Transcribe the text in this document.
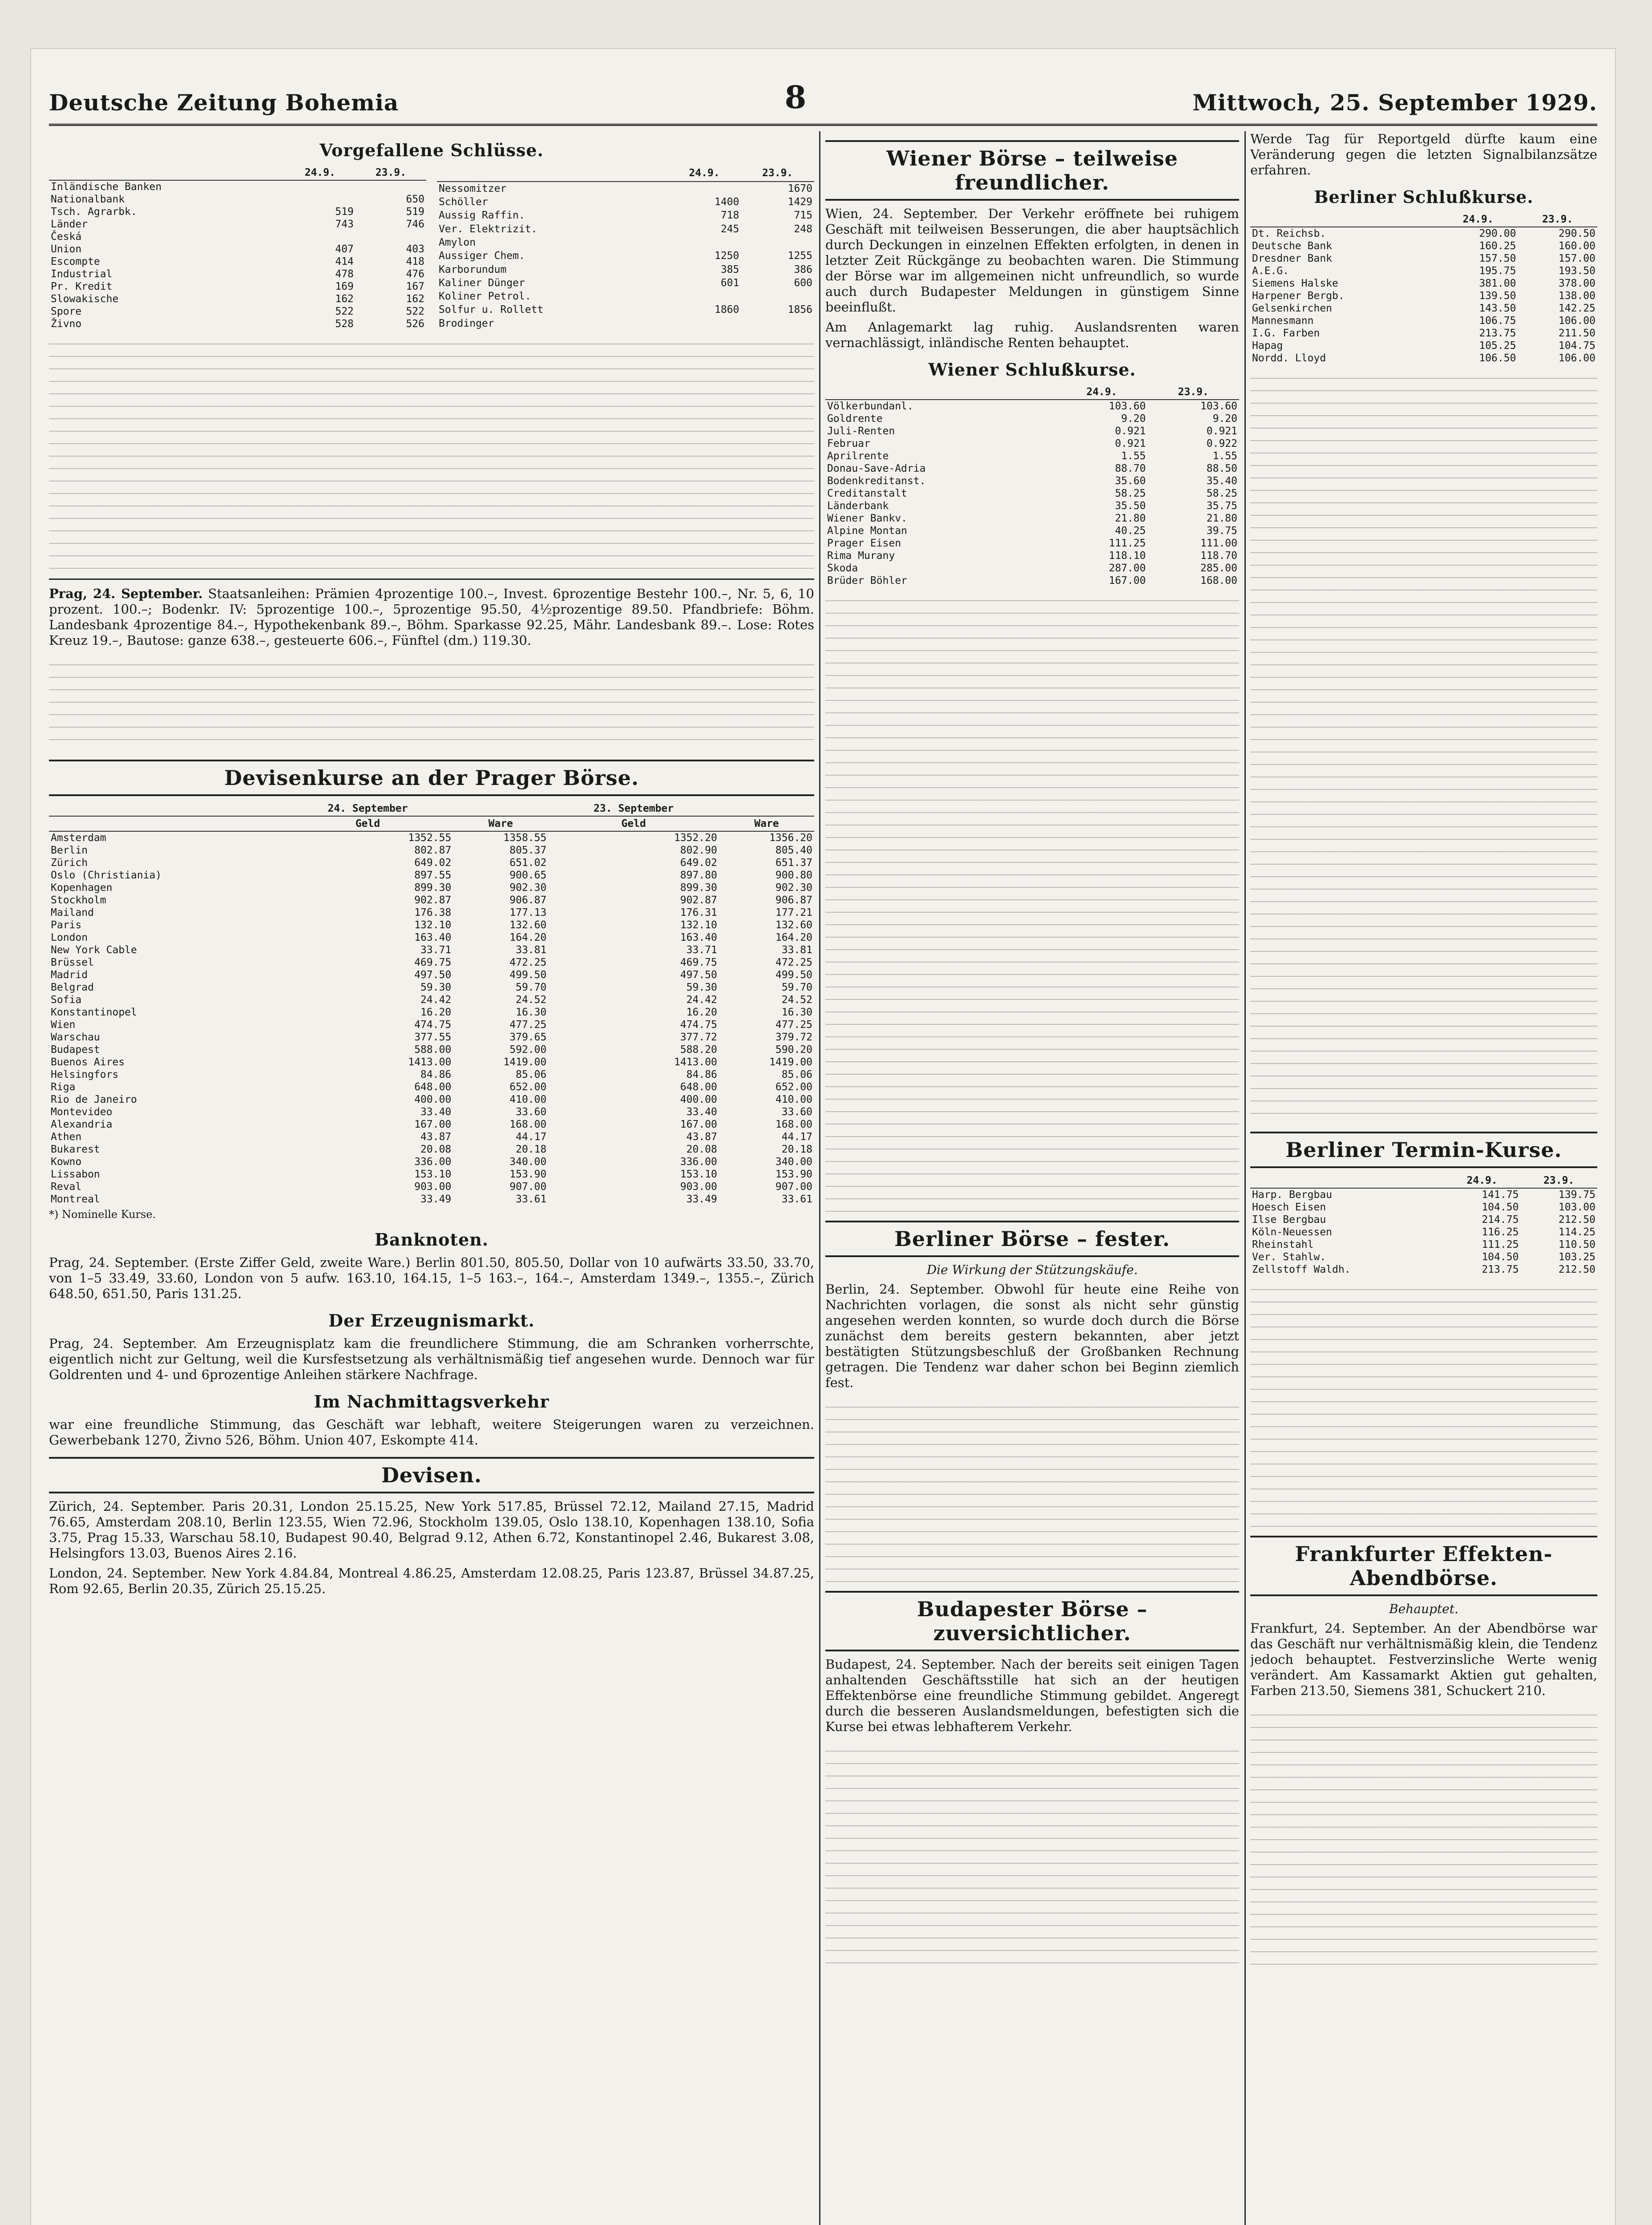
Deutsche Zeitung Bohemia	8	Mittwoch, 25. September 1929.
Vorgefallene Schlüsse.
	24.9.	23.9.
Inländische Banken		
Nationalbank		650
Tsch. Agrarbk.	519	519
Länder	743	746
Česká		
Union	407	403
Escompte	414	418
Industrial	478	476
Pr. Kredit	169	167
Slowakische	162	162
Spore	522	522
Živno	528	526
	24.9.	23.9.
Nessomitzer		1670
Schöller	1400	1429
Aussig Raffin.	718	715
Ver. Elektrizit.	245	248
Amylon		
Aussiger Chem.	1250	1255
Karborundum	385	386
Kaliner Dünger	601	600
Koliner Petrol.		
Solfur u. Rollett	1860	1856
Brodinger		

Prag, 24. September. Staatsanleihen: Prämien 4prozentige 100.–, Invest. 6prozentige Bestehr 100.–, Nr. 5, 6, 10 prozent. 100.–; Bodenkr. IV: 5prozentige 100.–, 5prozentige 95.50, 4½prozentige 89.50. Pfandbriefe: Böhm. Landesbank 4prozentige 84.–, Hypothekenbank 89.–, Böhm. Sparkasse 92.25, Mähr. Landesbank 89.–. Lose: Rotes Kreuz 19.–, Bautose: ganze 638.–, gesteuerte 606.–, Fünftel (dm.) 119.30.

Devisenkurse an der Prager Börse.
	24. September		23. September	
	Geld	Ware	Geld	Ware
Amsterdam	1352.55	1358.55	1352.20	1356.20
Berlin	802.87	805.37	802.90	805.40
Zürich	649.02	651.02	649.02	651.37
Oslo (Christiania)	897.55	900.65	897.80	900.80
Kopenhagen	899.30	902.30	899.30	902.30
Stockholm	902.87	906.87	902.87	906.87
Mailand	176.38	177.13	176.31	177.21
Paris	132.10	132.60	132.10	132.60
London	163.40	164.20	163.40	164.20
New York Cable	33.71	33.81	33.71	33.81
Brüssel	469.75	472.25	469.75	472.25
Madrid	497.50	499.50	497.50	499.50
Belgrad	59.30	59.70	59.30	59.70
Sofia	24.42	24.52	24.42	24.52
Konstantinopel	16.20	16.30	16.20	16.30
Wien	474.75	477.25	474.75	477.25
Warschau	377.55	379.65	377.72	379.72
Budapest	588.00	592.00	588.20	590.20
Buenos Aires	1413.00	1419.00	1413.00	1419.00
Helsingfors	84.86	85.06	84.86	85.06
Riga	648.00	652.00	648.00	652.00
Rio de Janeiro	400.00	410.00	400.00	410.00
Montevideo	33.40	33.60	33.40	33.60
Alexandria	167.00	168.00	167.00	168.00
Athen	43.87	44.17	43.87	44.17
Bukarest	20.08	20.18	20.08	20.18
Kowno	336.00	340.00	336.00	340.00
Lissabon	153.10	153.90	153.10	153.90
Reval	903.00	907.00	903.00	907.00
Montreal	33.49	33.61	33.49	33.61
*) Nominelle Kurse.
Banknoten.

Prag, 24. September. (Erste Ziffer Geld, zweite Ware.) Berlin 801.50, 805.50, Dollar von 10 aufwärts 33.50, 33.70, von 1–5 33.49, 33.60, London von 5 aufw. 163.10, 164.15, 1–5 163.–, 164.–, Amsterdam 1349.–, 1355.–, Zürich 648.50, 651.50, Paris 131.25.

Der Erzeugnismarkt.

Prag, 24. September. Am Erzeugnisplatz kam die freundlichere Stimmung, die am Schranken vorherrschte, eigentlich nicht zur Geltung, weil die Kursfestsetzung als verhältnismäßig tief angesehen wurde. Dennoch war für Goldrenten und 4- und 6prozentige Anleihen stärkere Nachfrage.

Im Nachmittagsverkehr

war eine freundliche Stimmung, das Geschäft war lebhaft, weitere Steigerungen waren zu verzeichnen. Gewerbebank 1270, Živno 526, Böhm. Union 407, Eskompte 414.

Devisen.

Zürich, 24. September. Paris 20.31, London 25.15.25, New York 517.85, Brüssel 72.12, Mailand 27.15, Madrid 76.65, Amsterdam 208.10, Berlin 123.55, Wien 72.96, Stockholm 139.05, Oslo 138.10, Kopenhagen 138.10, Sofia 3.75, Prag 15.33, Warschau 58.10, Budapest 90.40, Belgrad 9.12, Athen 6.72, Konstantinopel 2.46, Bukarest 3.08, Helsingfors 13.03, Buenos Aires 2.16.

London, 24. September. New York 4.84.84, Montreal 4.86.25, Amsterdam 12.08.25, Paris 123.87, Brüssel 34.87.25, Rom 92.65, Berlin 20.35, Zürich 25.15.25.

Wiener Börse – teilweise freundlicher.

Wien, 24. September. Der Verkehr eröffnete bei ruhigem Geschäft mit teilweisen Besserungen, die aber hauptsächlich durch Deckungen in einzelnen Effekten erfolgten, in denen in letzter Zeit Rückgänge zu beobachten waren. Die Stimmung der Börse war im allgemeinen nicht unfreundlich, so wurde auch durch Budapester Meldungen in günstigem Sinne beeinflußt.

Am Anlagemarkt lag ruhig. Auslandsrenten waren vernachlässigt, inländische Renten behauptet.

Wiener Schlußkurse.
	24.9.	23.9.
Völkerbundanl.	103.60	103.60
Goldrente	9.20	9.20
Juli-Renten	0.921	0.921
Februar	0.921	0.922
Aprilrente	1.55	1.55
Donau-Save-Adria	88.70	88.50
Bodenkreditanst.	35.60	35.40
Creditanstalt	58.25	58.25
Länderbank	35.50	35.75
Wiener Bankv.	21.80	21.80
Alpine Montan	40.25	39.75
Prager Eisen	111.25	111.00
Rima Murany	118.10	118.70
Skoda	287.00	285.00
Brüder Böhler	167.00	168.00
Berliner Börse – fester.
Die Wirkung der Stützungskäufe.

Berlin, 24. September. Obwohl für heute eine Reihe von Nachrichten vorlagen, die sonst als nicht sehr günstig angesehen werden konnten, so wurde doch durch die Börse zunächst dem bereits gestern bekannten, aber jetzt bestätigten Stützungsbeschluß der Großbanken Rechnung getragen. Die Tendenz war daher schon bei Beginn ziemlich fest.

Budapester Börse – zuversichtlicher.

Budapest, 24. September. Nach der bereits seit einigen Tagen anhaltenden Geschäftsstille hat sich an der heutigen Effektenbörse eine freundliche Stimmung gebildet. Angeregt durch die besseren Auslandsmeldungen, befestigten sich die Kurse bei etwas lebhafterem Verkehr.

Werde Tag für Reportgeld dürfte kaum eine Veränderung gegen die letzten Signalbilanzsätze erfahren.

Berliner Schlußkurse.
	24.9.	23.9.
Dt. Reichsb.	290.00	290.50
Deutsche Bank	160.25	160.00
Dresdner Bank	157.50	157.00
A.E.G.	195.75	193.50
Siemens Halske	381.00	378.00
Harpener Bergb.	139.50	138.00
Gelsenkirchen	143.50	142.25
Mannesmann	106.75	106.00
I.G. Farben	213.75	211.50
Hapag	105.25	104.75
Nordd. Lloyd	106.50	106.00
Berliner Termin-Kurse.
	24.9.	23.9.
Harp. Bergbau	141.75	139.75
Hoesch Eisen	104.50	103.00
Ilse Bergbau	214.75	212.50
Köln-Neuessen	116.25	114.25
Rheinstahl	111.25	110.50
Ver. Stahlw.	104.50	103.25
Zellstoff Waldh.	213.75	212.50
Frankfurter Effekten-Abendbörse.
Behauptet.

Frankfurt, 24. September. An der Abendbörse war das Geschäft nur verhältnismäßig klein, die Tendenz jedoch behauptet. Festverzinsliche Werte wenig verändert. Am Kassamarkt Aktien gut gehalten, Farben 213.50, Siemens 381, Schuckert 210.
